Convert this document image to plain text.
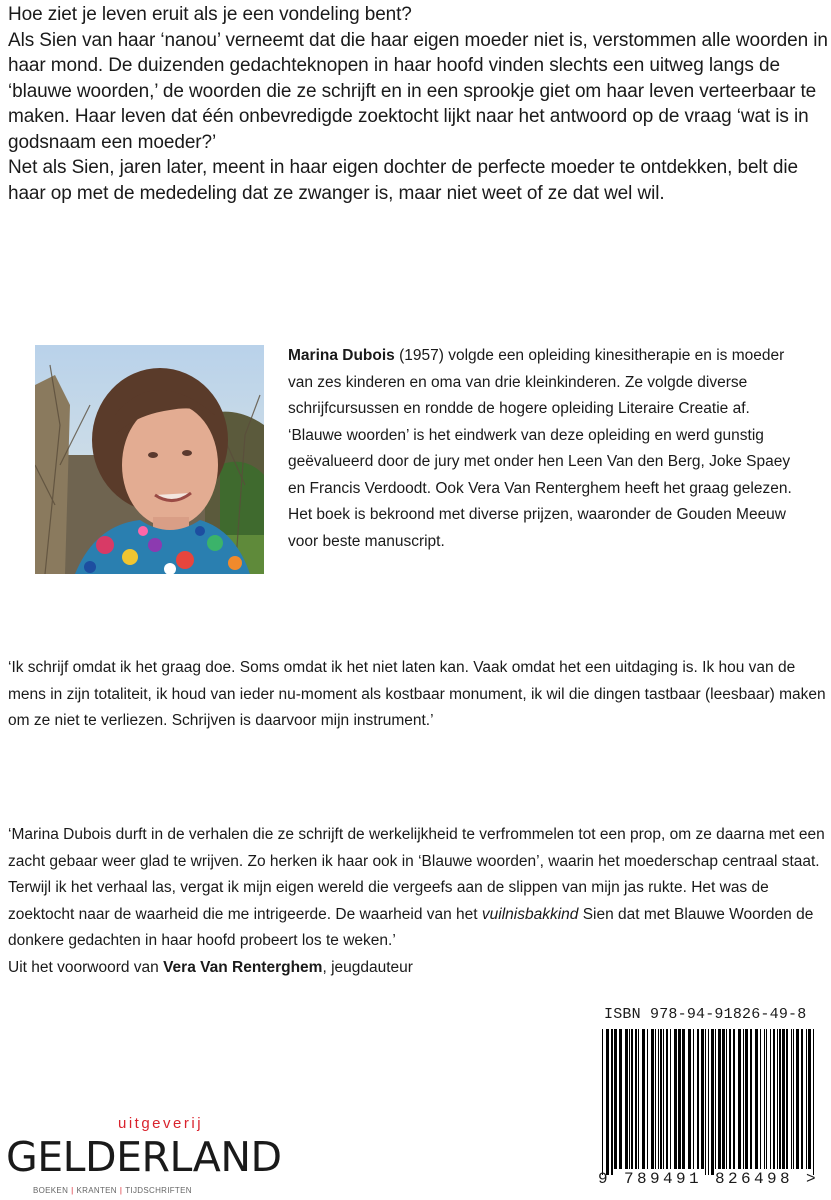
Hoe ziet je leven eruit als je een vondeling bent?

Als Sien van haar ‘nanou’ verneemt dat die haar eigen moeder niet is, verstommen alle woorden in haar mond. De duizenden gedachteknopen in haar hoofd vinden slechts een uitweg langs de ‘blauwe woorden,’ de woorden die ze schrijft en in een sprookje giet om haar leven verteerbaar te maken. Haar leven dat één onbevredigde zoektocht lijkt naar het antwoord op de vraag ‘wat is in godsnaam een moeder?’

Net als Sien, jaren later, meent in haar eigen dochter de perfecte moeder te ontdekken, belt die haar op met de mededeling dat ze zwanger is, maar niet weet of ze dat wel wil.

Marina Dubois (1957) volgde een opleiding kinesitherapie en is moeder van zes kinderen en oma van drie kleinkinderen. Ze volgde diverse schrijfcursussen en rondde de hogere opleiding Literaire Creatie af. ‘Blauwe woorden’ is het eindwerk van deze opleiding en werd gunstig geëvalueerd door de jury met onder hen Leen Van den Berg, Joke Spaey en Francis Verdoodt. Ook Vera Van Renterghem heeft het graag gelezen. Het boek is bekroond met diverse prijzen, waaronder de Gouden Meeuw voor beste manuscript.
‘Ik schrijf omdat ik het graag doe. Soms omdat ik het niet laten kan. Vaak omdat het een uitdaging is. Ik hou van de mens in zijn totaliteit, ik houd van ieder nu-moment als kostbaar monument, ik wil die dingen tastbaar (leesbaar) maken om ze niet te verliezen. Schrijven is daarvoor mijn instrument.’

‘Marina Dubois durft in de verhalen die ze schrijft de werkelijkheid te verfrommelen tot een prop, om ze daarna met een zacht gebaar weer glad te wrijven. Zo herken ik haar ook in ‘Blauwe woorden’, waarin het moederschap centraal staat. Terwijl ik het verhaal las, vergat ik mijn eigen wereld die vergeefs aan de slippen van mijn jas rukte. Het was de zoektocht naar de waarheid die me intrigeerde. De waarheid van het vuilnisbakkind Sien dat met Blauwe Woorden de donkere gedachten in haar hoofd probeert los te weken.’

Uit het voorwoord van Vera Van Renterghem, jeugdauteur

ISBN 978-94-91826-49-8
9 789491 826498 >
uitgeverij
GELDERLAND
BOEKEN | KRANTEN | TIJDSCHRIFTEN
